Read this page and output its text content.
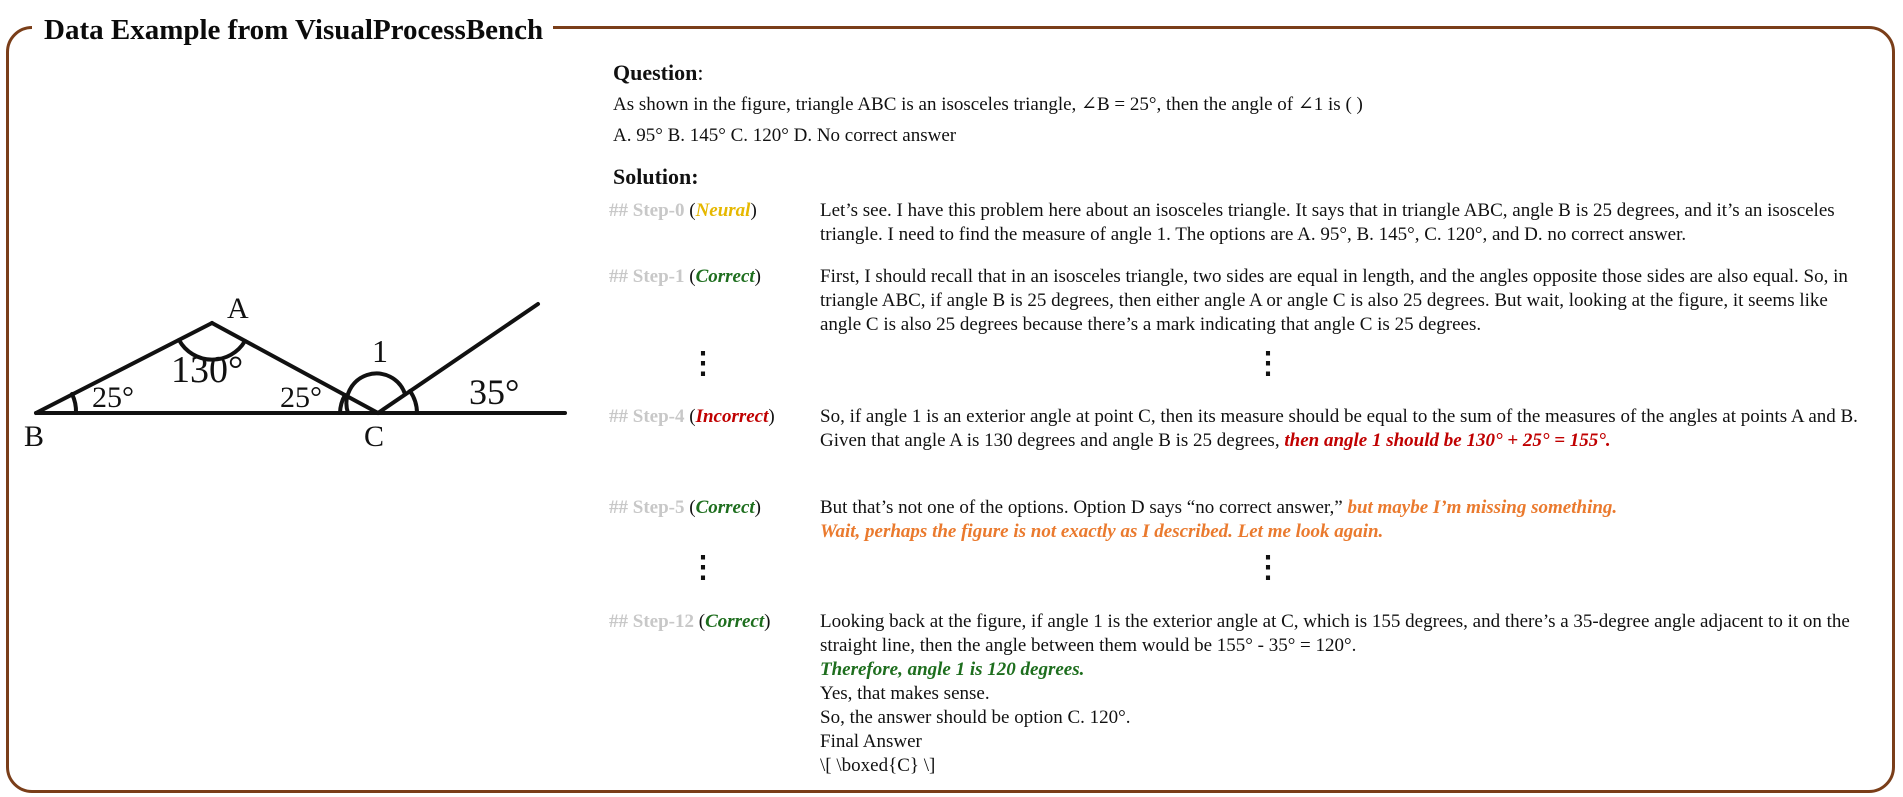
Data Example from VisualProcessBench
A
B	C
1
130°
25°	25°	35°
Question:
As shown in the figure, triangle ABC is an isosceles triangle, ∠B = 25°, then the angle of ∠1 is ( )
A. 95° B. 145° C. 120° D. No correct answer
Solution:
## Step-0 (Neural)	Let’s see. I have this problem here about an isosceles triangle. It says that in triangle ABC, angle B is 25 degrees, and it’s an isosceles triangle. I need to find the measure of angle 1. The options are A. 95°, B. 145°, C. 120°, and D. no correct answer.
## Step-1 (Correct)	First, I should recall that in an isosceles triangle, two sides are equal in length, and the angles opposite those sides are also equal. So, in triangle ABC, if angle B is 25 degrees, then either angle A or angle C is also 25 degrees. But wait, looking at the figure, it seems like angle C is also 25 degrees because there’s a mark indicating that angle C is 25 degrees.
⋮	⋮
## Step-4 (Incorrect) So, if angle 1 is an exterior angle at point C, then its measure should be equal to the sum of the measures of the angles at points A and B.
Given that angle A is 130 degrees and angle B is 25 degrees, then angle 1 should be 130° + 25° = 155°.
## Step-5 (Correct)	But that’s not one of the options. Option D says “no correct answer,” but maybe I’m missing something.
Wait, perhaps the figure is not exactly as I described. Let me look again.
⋮	⋮
## Step-12 (Correct)	Looking back at the figure, if angle 1 is the exterior angle at C, which is 155 degrees, and there’s a 35-degree angle adjacent to it on the straight line, then the angle between them would be 155° - 35° = 120°.
Therefore, angle 1 is 120 degrees.
Yes, that makes sense.
So, the answer should be option C. 120°.
Final Answer
\[ \boxed{C} \]
